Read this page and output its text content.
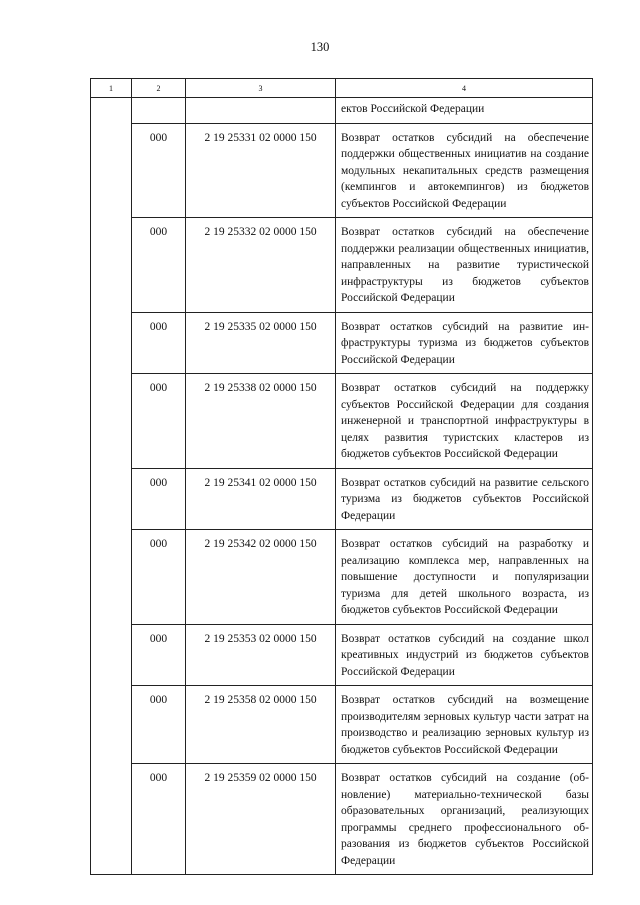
130
1	2	3	4
			ектов Российской Федерации
	000	2 19 25331 02 0000 150	Возврат остатков субсидий на обеспечение поддержки общественных инициатив на создание модульных некапитальных средств размещения (кемпингов и автокемпингов) из бюджетов субъектов Российской Федерации
	000	2 19 25332 02 0000 150	Возврат остатков субсидий на обеспечение поддержки реализации общественных инициатив, направленных на развитие туристической инфраструктуры из бюджетов субъектов Российской Федерации
	000	2 19 25335 02 0000 150	Возврат остатков субсидий на развитие инфраструктуры туризма из бюджетов субъектов Российской Федерации
	000	2 19 25338 02 0000 150	Возврат остатков субсидий на поддержку субъектов Российской Федерации для создания инженерной и транспортной инфраструктуры в целях развития туристских кластеров из бюджетов субъектов Российской Федерации
	000	2 19 25341 02 0000 150	Возврат остатков субсидий на развитие сельского туризма из бюджетов субъектов Российской Федерации
	000	2 19 25342 02 0000 150	Возврат остатков субсидий на разработку и реализацию комплекса мер, направленных на повышение доступности и популяризации туризма для детей школьного возраста, из бюджетов субъектов Российской Федерации
	000	2 19 25353 02 0000 150	Возврат остатков субсидий на создание школ креативных индустрий из бюджетов субъектов Российской Федерации
	000	2 19 25358 02 0000 150	Возврат остатков субсидий на возмещение производителям зерновых культур части затрат на производство и реализацию зерновых культур из бюджетов субъектов Российской Федерации
	000	2 19 25359 02 0000 150	Возврат остатков субсидий на создание (обновление) материально-технической базы образовательных организаций, реализующих программы среднего профессионального образования из бюджетов субъектов Российской Федерации
